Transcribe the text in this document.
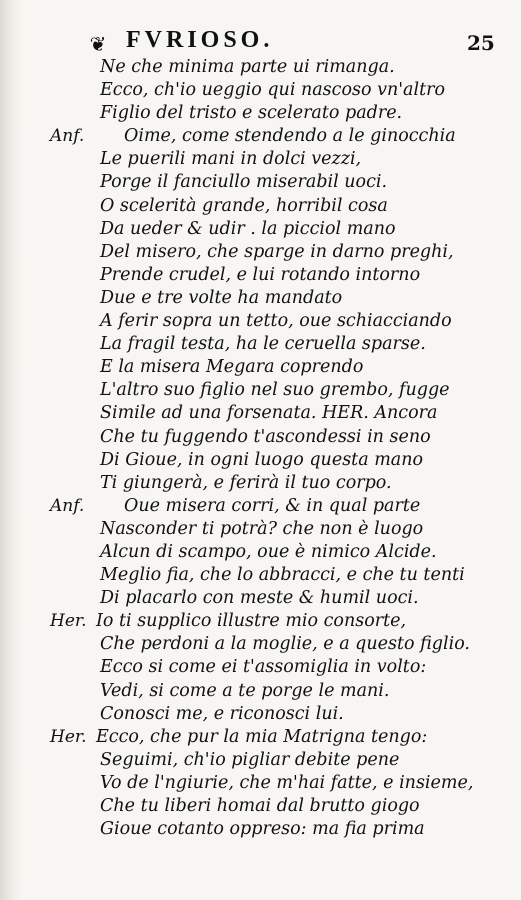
❦ FVRIOSO.	25
Ne che minima parte ui rimanga.
Ecco, ch'io ueggio qui nascoso vn'altro
Figlio del tristo e scelerato padre.
Anf. Oime, come stendendo a le ginocchia
Le puerili mani in dolci vezzi,
Porge il fanciullo miserabil uoci.
O scelerità grande, horribil cosa
Da ueder & udir . la picciol mano
Del misero, che sparge in darno preghi,
Prende crudel, e lui rotando intorno
Due e tre volte ha mandato
A ferir sopra un tetto, oue schiacciando
La fragil testa, ha le ceruella sparse.
E la misera Megara coprendo
L'altro suo figlio nel suo grembo, fugge
Simile ad una forsenata. HER. Ancora
Che tu fuggendo t'ascondessi in seno
Di Gioue, in ogni luogo questa mano
Ti giungerà, e ferirà il tuo corpo.
Anf. Oue misera corri, & in qual parte
Nasconder ti potrà? che non è luogo
Alcun di scampo, oue è nimico Alcide.
Meglio fia, che lo abbracci, e che tu tenti
Di placarlo con meste & humil uoci.
Her. Io ti supplico illustre mio consorte,
Che perdoni a la moglie, e a questo figlio.
Ecco si come ei t'assomiglia in volto:
Vedi, si come a te porge le mani.
Conosci me, e riconosci lui.
Her. Ecco, che pur la mia Matrigna tengo:
Seguimi, ch'io pigliar debite pene
Vo de l'ngiurie, che m'hai fatte, e insieme,
Che tu liberi homai dal brutto giogo
Gioue cotanto oppreso: ma fia prima
